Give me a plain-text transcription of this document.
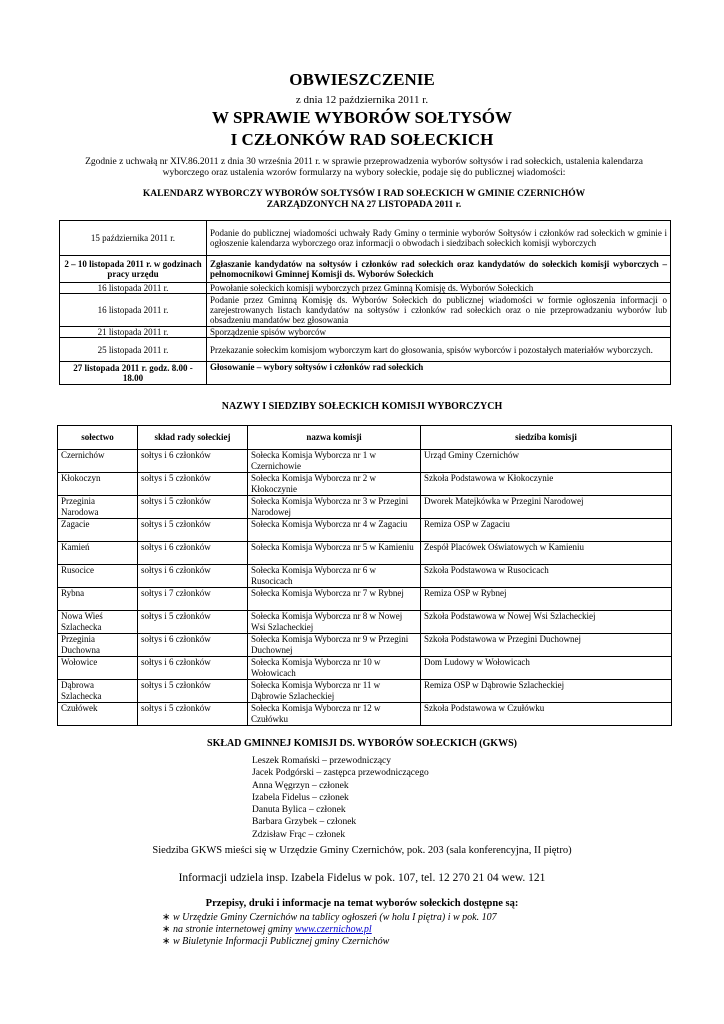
OBWIESZCZENIE
z dnia 12 października 2011 r.
W SPRAWIE WYBORÓW SOŁTYSÓW
I CZŁONKÓW RAD SOŁECKICH
Zgodnie z uchwałą nr XIV.86.2011 z dnia 30 września 2011 r. w sprawie przeprowadzenia wyborów sołtysów i rad sołeckich, ustalenia kalendarza wyborczego oraz ustalenia wzorów formularzy na wybory sołeckie, podaje się do publicznej wiadomości:
KALENDARZ WYBORCZY WYBORÓW SOŁTYSÓW I RAD SOŁECKICH W GMINIE CZERNICHÓW
ZARZĄDZONYCH NA 27 LISTOPADA 2011 r.
15 października 2011 r.	Podanie do publicznej wiadomości uchwały Rady Gminy o terminie wyborów Sołtysów i członków rad sołeckich w gminie i ogłoszenie kalendarza wyborczego oraz informacji o obwodach i siedzibach sołeckich komisji wyborczych
2 – 10 listopada 2011 r. w godzinach pracy urzędu	Zgłaszanie kandydatów na sołtysów i członków rad sołeckich oraz kandydatów do sołeckich komisji wyborczych – pełnomocnikowi Gminnej Komisji ds. Wyborów Sołeckich
16 listopada 2011 r.	Powołanie sołeckich komisji wyborczych przez Gminną Komisję ds. Wyborów Sołeckich
16 listopada 2011 r.	Podanie przez Gminną Komisję ds. Wyborów Sołeckich do publicznej wiadomości w formie ogłoszenia informacji o zarejestrowanych listach kandydatów na sołtysów i członków rad sołeckich oraz o nie przeprowadzaniu wyborów lub obsadzeniu mandatów bez głosowania
21 listopada 2011 r.	Sporządzenie spisów wyborców
25 listopada 2011 r.	Przekazanie sołeckim komisjom wyborczym kart do głosowania, spisów wyborców i pozostałych materiałów wyborczych.
27 listopada 2011 r. godz. 8.00 - 18.00	Głosowanie – wybory sołtysów i członków rad sołeckich
NAZWY I SIEDZIBY SOŁECKICH KOMISJI WYBORCZYCH
sołectwo	skład rady sołeckiej	nazwa komisji	siedziba komisji
Czernichów	sołtys i 6 członków	Sołecka Komisja Wyborcza nr 1 w Czernichowie	Urząd Gminy Czernichów
Kłokoczyn	sołtys i 5 członków	Sołecka Komisja Wyborcza nr 2 w Kłokoczynie	Szkoła Podstawowa w Kłokoczynie
Przeginia Narodowa	sołtys i 5 członków	Sołecka Komisja Wyborcza nr 3 w Przegini Narodowej	Dworek Matejkówka w Przegini Narodowej
Zagacie	sołtys i 5 członków	Sołecka Komisja Wyborcza nr 4 w Zagaciu	Remiza OSP w Zagaciu
Kamień	sołtys i 6 członków	Sołecka Komisja Wyborcza nr 5 w Kamieniu	Zespół Placówek Oświatowych w Kamieniu
Rusocice	sołtys i 6 członków	Sołecka Komisja Wyborcza nr 6 w Rusocicach	Szkoła Podstawowa w Rusocicach
Rybna	sołtys i 7 członków	Sołecka Komisja Wyborcza nr 7 w Rybnej	Remiza OSP w Rybnej
Nowa Wieś Szlachecka	sołtys i 5 członków	Sołecka Komisja Wyborcza nr 8 w Nowej Wsi Szlacheckiej	Szkoła Podstawowa w Nowej Wsi Szlacheckiej
Przeginia Duchowna	sołtys i 6 członków	Sołecka Komisja Wyborcza nr 9 w Przegini Duchownej	Szkoła Podstawowa w Przegini Duchownej
Wołowice	sołtys i 6 członków	Sołecka Komisja Wyborcza nr 10 w Wołowicach	Dom Ludowy w Wołowicach
Dąbrowa Szlachecka	sołtys i 5 członków	Sołecka Komisja Wyborcza nr 11 w Dąbrowie Szlacheckiej	Remiza OSP w Dąbrowie Szlacheckiej
Czułówek	sołtys i 5 członków	Sołecka Komisja Wyborcza nr 12 w Czułówku	Szkoła Podstawowa w Czułówku
SKŁAD GMINNEJ KOMISJI DS. WYBORÓW SOŁECKICH (GKWS)
Leszek Romański – przewodniczący
Jacek Podgórski – zastępca przewodniczącego
Anna Węgrzyn – członek
Izabela Fidelus – członek
Danuta Bylica – członek
Barbara Grzybek – członek
Zdzisław Frąc – członek
Siedziba GKWS mieści się w Urzędzie Gminy Czernichów, pok. 203 (sala konferencyjna, II piętro)
Informacji udziela insp. Izabela Fidelus w pok. 107, tel. 12 270 21 04 wew. 121
Przepisy, druki i informacje na temat wyborów sołeckich dostępne są:
∗ w Urzędzie Gminy Czernichów na tablicy ogłoszeń (w holu I piętra) i w pok. 107
∗ na stronie internetowej gminy www.czernichow.pl
∗ w Biuletynie Informacji Publicznej gminy Czernichów
